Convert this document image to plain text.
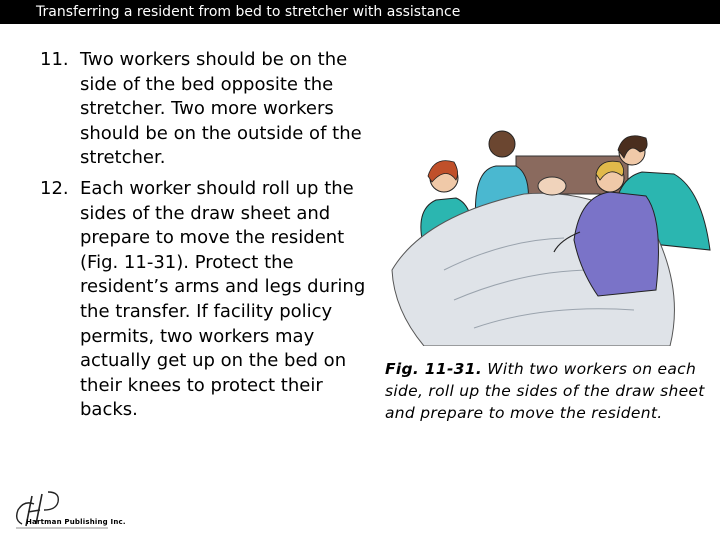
Transferring a resident from bed to stretcher with assistance
11. Two workers should be on the side of the bed opposite the stretcher. Two more workers should be on the outside of the stretcher.
12. Each worker should roll up the sides of the draw sheet and prepare to move the resident (Fig. 11-31). Protect the resident’s arms and legs during the transfer. If facility policy permits, two workers may actually get up on the bed on their knees to protect their backs.
Fig. 11-31. With two workers on each side, roll up the sides of the draw sheet and prepare to move the resident.
Hartman Publishing Inc.
